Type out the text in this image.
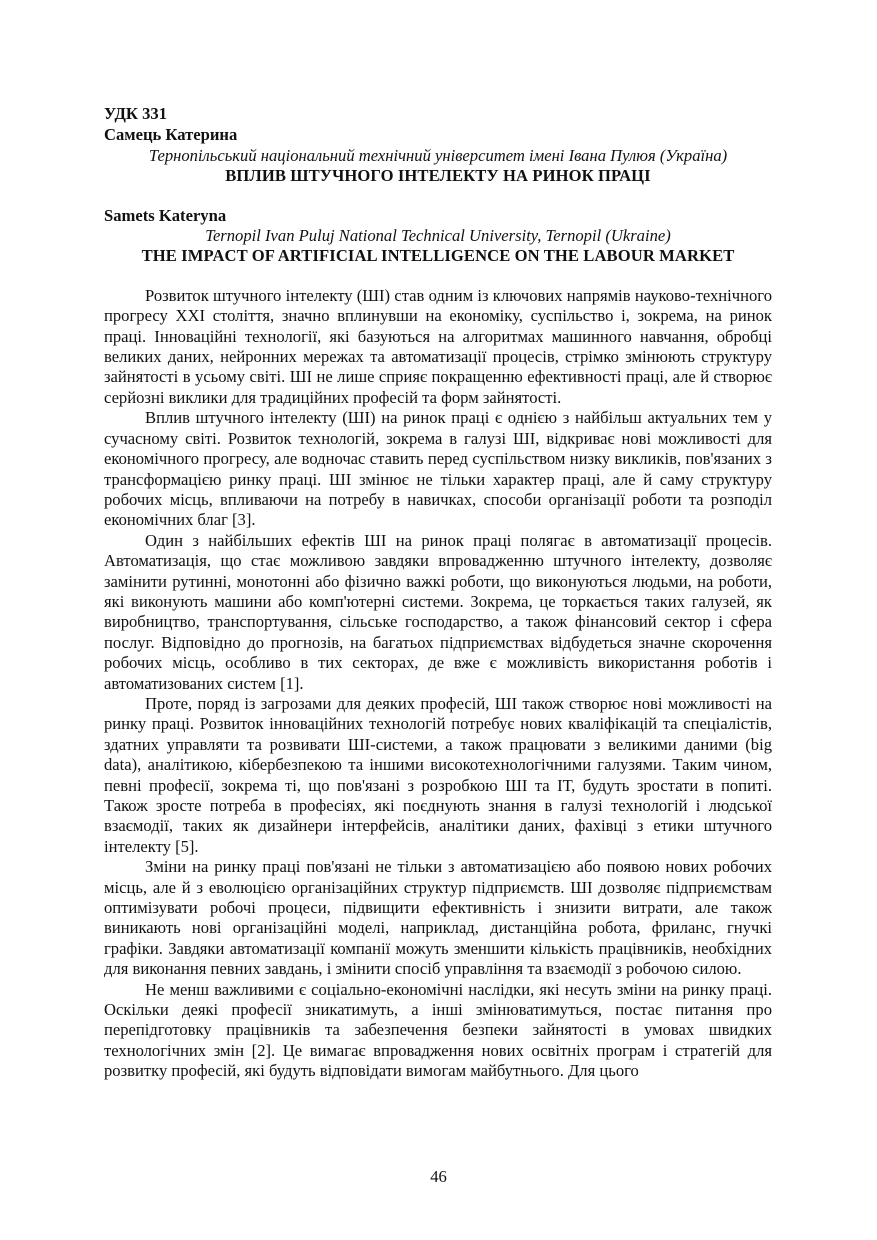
УДК 331

Самець Катерина

Тернопільський національний технічний університет імені Івана Пулюя (Україна)

ВПЛИВ ШТУЧНОГО ІНТЕЛЕКТУ НА РИНОК ПРАЦІ

Samets Kateryna

Ternopil Ivan Puluj National Technical University, Ternopil (Ukraine)

THE IMPACT OF ARTIFICIAL INTELLIGENCE ON THE LABOUR MARKET

Розвиток штучного інтелекту (ШІ) став одним із ключових напрямів науково-технічного прогресу XXI століття, значно вплинувши на економіку, суспільство і, зокрема, на ринок праці. Інноваційні технології, які базуються на алгоритмах машинного навчання, обробці великих даних, нейронних мережах та автоматизації процесів, стрімко змінюють структуру зайнятості в усьому світі. ШІ не лише сприяє покращенню ефективності праці, але й створює серйозні виклики для традиційних професій та форм зайнятості.

Вплив штучного інтелекту (ШІ) на ринок праці є однією з найбільш актуальних тем у сучасному світі. Розвиток технологій, зокрема в галузі ШІ, відкриває нові можливості для економічного прогресу, але водночас ставить перед суспільством низку викликів, пов'язаних з трансформацією ринку праці. ШІ змінює не тільки характер праці, але й саму структуру робочих місць, впливаючи на потребу в навичках, способи організації роботи та розподіл економічних благ [3].

Один з найбільших ефектів ШІ на ринок праці полягає в автоматизації процесів. Автоматизація, що стає можливою завдяки впровадженню штучного інтелекту, дозволяє замінити рутинні, монотонні або фізично важкі роботи, що виконуються людьми, на роботи, які виконують машини або комп'ютерні системи. Зокрема, це торкається таких галузей, як виробництво, транспортування, сільське господарство, а також фінансовий сектор і сфера послуг. Відповідно до прогнозів, на багатьох підприємствах відбудеться значне скорочення робочих місць, особливо в тих секторах, де вже є можливість використання роботів і автоматизованих систем [1].

Проте, поряд із загрозами для деяких професій, ШІ також створює нові можливості на ринку праці. Розвиток інноваційних технологій потребує нових кваліфікацій та спеціалістів, здатних управляти та розвивати ШІ-системи, а також працювати з великими даними (big data), аналітикою, кібербезпекою та іншими високотехнологічними галузями. Таким чином, певні професії, зокрема ті, що пов'язані з розробкою ШІ та ІТ, будуть зростати в попиті. Також зросте потреба в професіях, які поєднують знання в галузі технологій і людської взаємодії, таких як дизайнери інтерфейсів, аналітики даних, фахівці з етики штучного інтелекту [5].

Зміни на ринку праці пов'язані не тільки з автоматизацією або появою нових робочих місць, але й з еволюцією організаційних структур підприємств. ШІ дозволяє підприємствам оптимізувати робочі процеси, підвищити ефективність і знизити витрати, але також виникають нові організаційні моделі, наприклад, дистанційна робота, фриланс, гнучкі графіки. Завдяки автоматизації компанії можуть зменшити кількість працівників, необхідних для виконання певних завдань, і змінити спосіб управління та взаємодії з робочою силою.

Не менш важливими є соціально-економічні наслідки, які несуть зміни на ринку праці. Оскільки деякі професії зникатимуть, а інші змінюватимуться, постає питання про перепідготовку працівників та забезпечення безпеки зайнятості в умовах швидких технологічних змін [2]. Це вимагає впровадження нових освітніх програм і стратегій для розвитку професій, які будуть відповідати вимогам майбутнього. Для цього

46
